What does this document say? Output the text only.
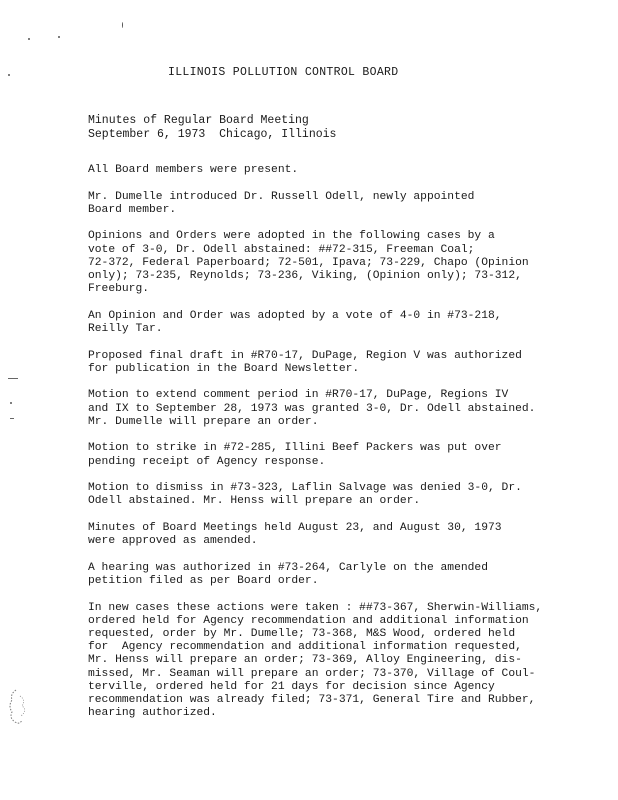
ILLINOIS POLLUTION CONTROL BOARD
Minutes of Regular Board Meeting
September 6, 1973  Chicago, Illinois
All Board members were present.
Mr. Dumelle introduced Dr. Russell Odell, newly appointed
Board member.
Opinions and Orders were adopted in the following cases by a
vote of 3-0, Dr. Odell abstained: ##72-315, Freeman Coal;
72-372, Federal Paperboard; 72-501, Ipava; 73-229, Chapo (Opinion
only); 73-235, Reynolds; 73-236, Viking, (Opinion only); 73-312,
Freeburg.
An Opinion and Order was adopted by a vote of 4-0 in #73-218,
Reilly Tar.
Proposed final draft in #R70-17, DuPage, Region V was authorized
for publication in the Board Newsletter.
Motion to extend comment period in #R70-17, DuPage, Regions IV
and IX to September 28, 1973 was granted 3-0, Dr. Odell abstained.
Mr. Dumelle will prepare an order.
Motion to strike in #72-285, Illini Beef Packers was put over
pending receipt of Agency response.
Motion to dismiss in #73-323, Laflin Salvage was denied 3-0, Dr.
Odell abstained. Mr. Henss will prepare an order.
Minutes of Board Meetings held August 23, and August 30, 1973
were approved as amended.
A hearing was authorized in #73-264, Carlyle on the amended
petition filed as per Board order.
In new cases these actions were taken : ##73-367, Sherwin-Williams,
ordered held for Agency recommendation and additional information
requested, order by Mr. Dumelle; 73-368, M&S Wood, ordered held
for  Agency recommendation and additional information requested,
Mr. Henss will prepare an order; 73-369, Alloy Engineering, dis-
missed, Mr. Seaman will prepare an order; 73-370, Village of Coul-
terville, ordered held for 21 days for decision since Agency
recommendation was already filed; 73-371, General Tire and Rubber,
hearing authorized.
